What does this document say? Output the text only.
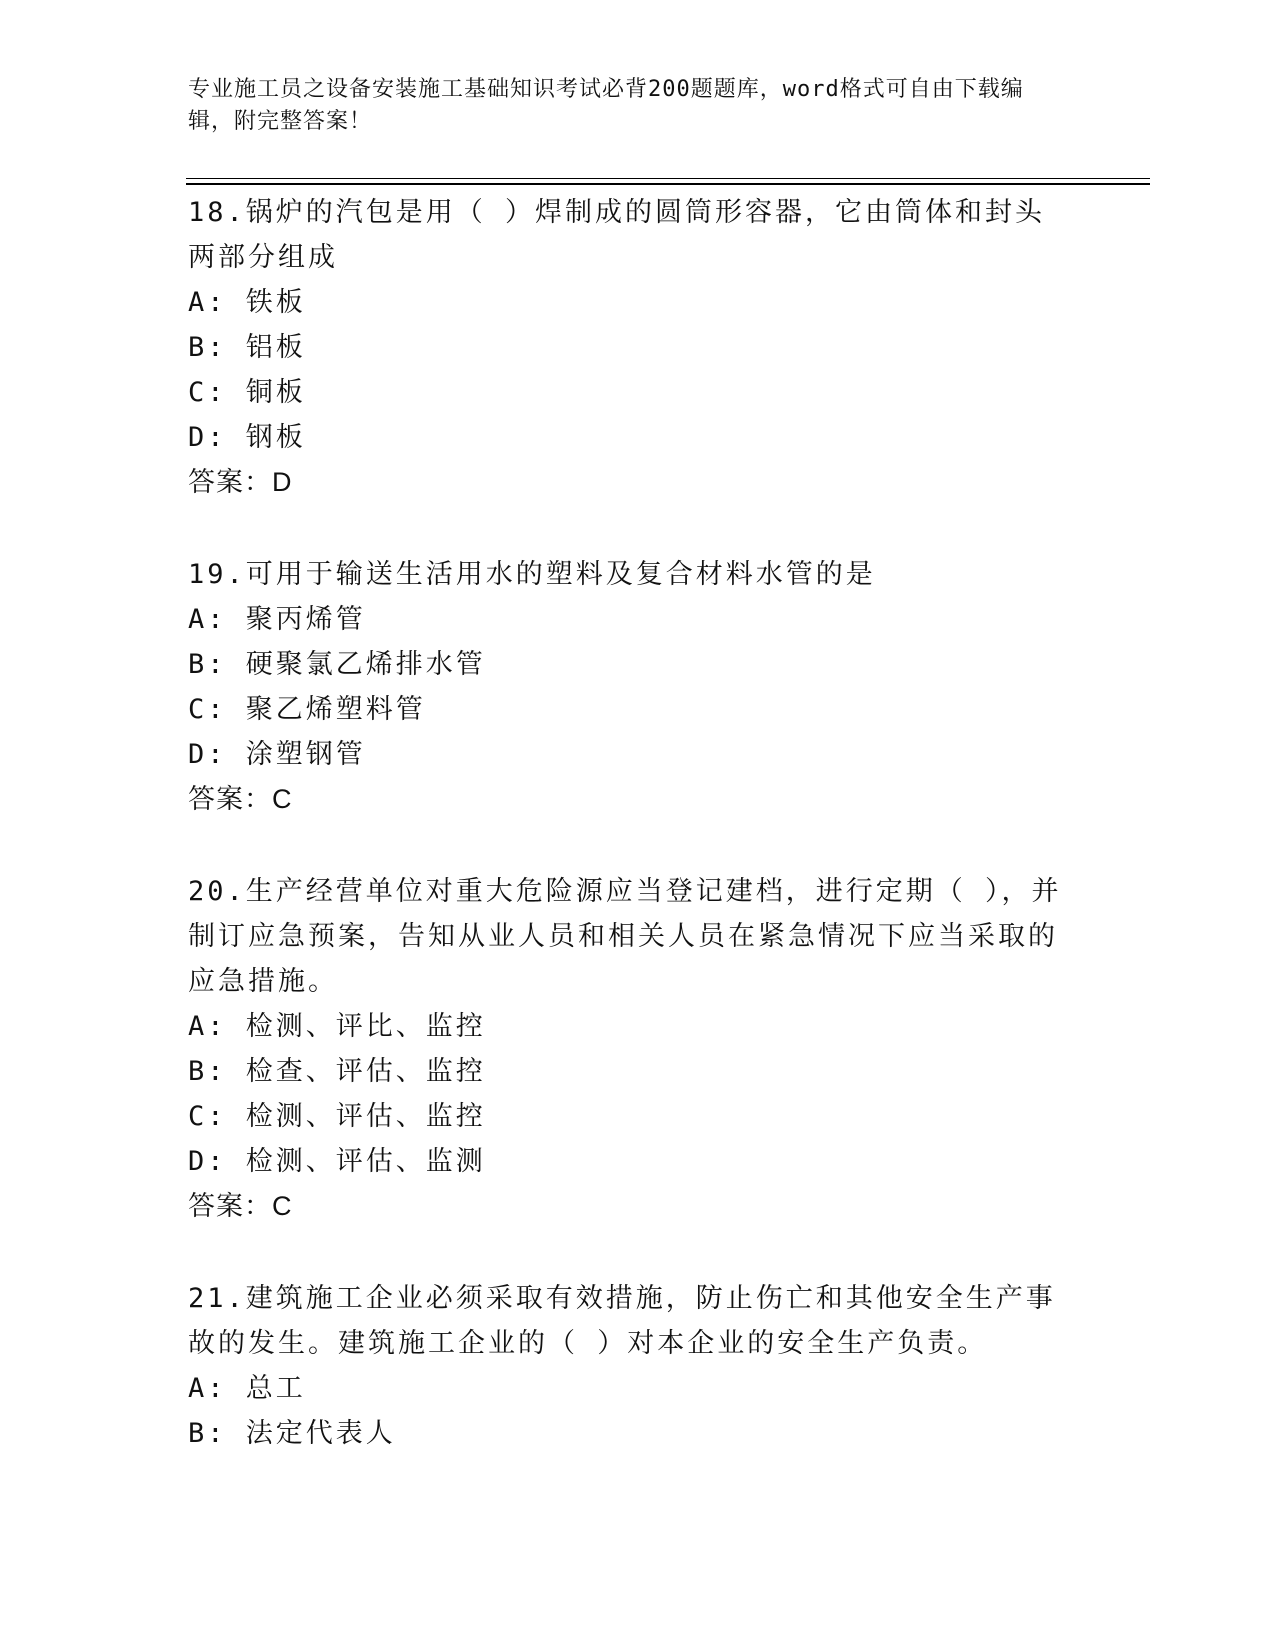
专业施工员之设备安装施工基础知识考试必背200题题库，word格式可自由下载编辑，附完整答案！
18.锅炉的汽包是用（ ）焊制成的圆筒形容器，它由筒体和封头两部分组成
A: 铁板
B: 铝板
C: 铜板
D: 钢板
答案：D
19.可用于输送生活用水的塑料及复合材料水管的是
A: 聚丙烯管
B: 硬聚氯乙烯排水管
C: 聚乙烯塑料管
D: 涂塑钢管
答案：C
20.生产经营单位对重大危险源应当登记建档，进行定期（ ），并制订应急预案，告知从业人员和相关人员在紧急情况下应当采取的应急措施。
A: 检测、评比、监控
B: 检查、评估、监控
C: 检测、评估、监控
D: 检测、评估、监测
答案：C
21.建筑施工企业必须采取有效措施，防止伤亡和其他安全生产事故的发生。建筑施工企业的（ ）对本企业的安全生产负责。
A: 总工
B: 法定代表人
